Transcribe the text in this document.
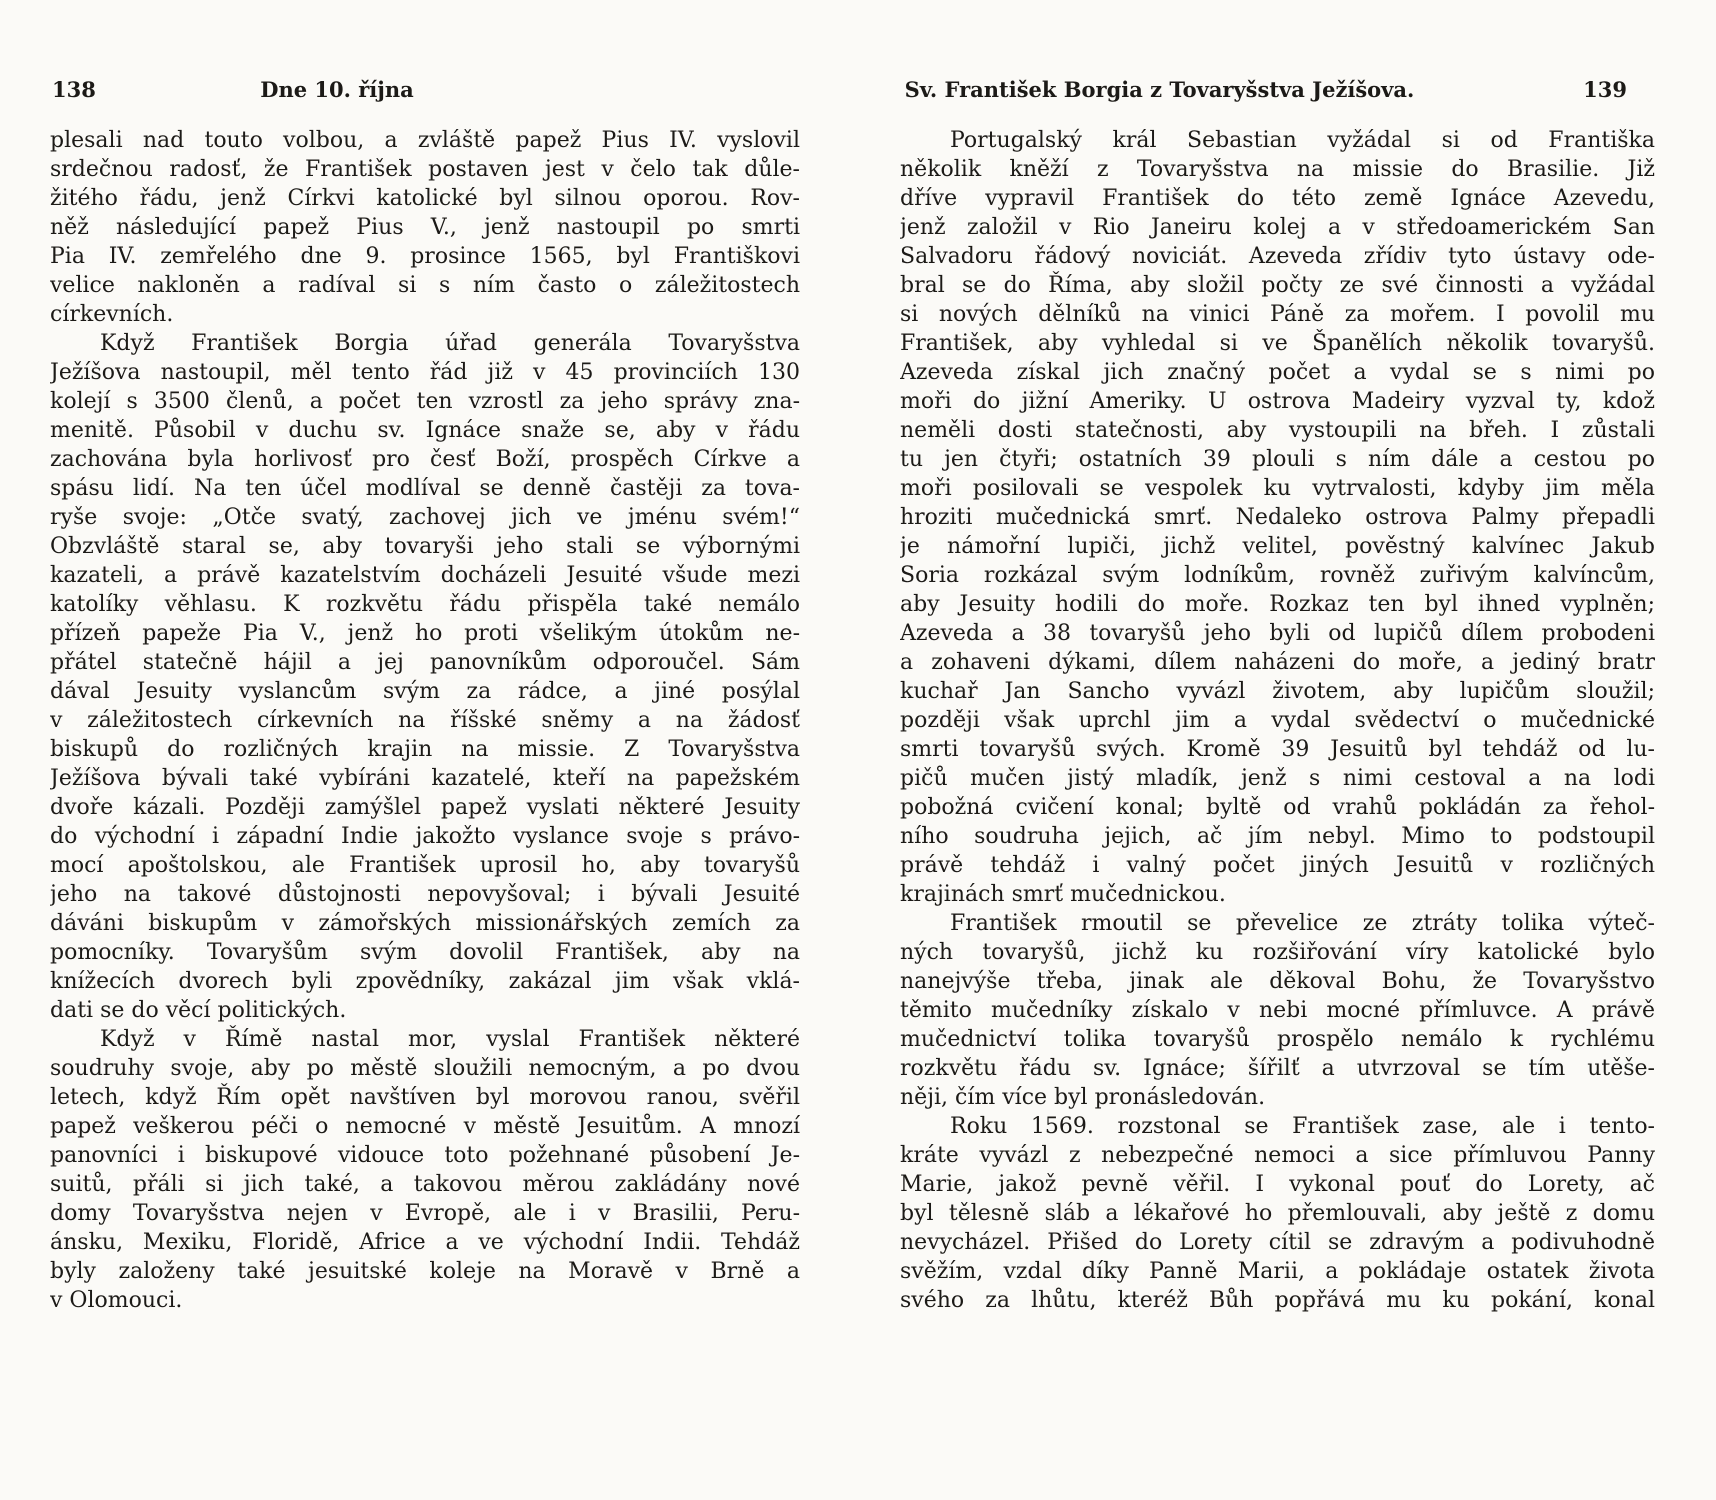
138	Dne 10. října
plesali nad touto volbou, a zvláště papež Pius IV. vyslovil
srdečnou radosť, že František postaven jest v čelo tak důle-
žitého řádu, jenž Církvi katolické byl silnou oporou. Rov-
něž následující papež Pius V., jenž nastoupil po smrti
Pia IV. zemřelého dne 9. prosince 1565, byl Františkovi
velice nakloněn a radíval si s ním často o záležitostech
církevních.
Když František Borgia úřad generála Tovaryšstva
Ježíšova nastoupil, měl tento řád již v 45 provinciích 130
kolejí s 3500 členů, a počet ten vzrostl za jeho správy zna-
menitě. Působil v duchu sv. Ignáce snaže se, aby v řádu
zachována byla horlivosť pro česť Boží, prospěch Církve a
spásu lidí. Na ten účel modlíval se denně častěji za tova-
ryše svoje: „Otče svatý, zachovej jich ve jménu svém!“
Obzvláště staral se, aby tovaryši jeho stali se výbornými
kazateli, a právě kazatelstvím docházeli Jesuité všude mezi
katolíky věhlasu. K rozkvětu řádu přispěla také nemálo
přízeň papeže Pia V., jenž ho proti všelikým útokům ne-
přátel statečně hájil a jej panovníkům odporoučel. Sám
dával Jesuity vyslancům svým za rádce, a jiné posýlal
v záležitostech církevních na říšské sněmy a na žádosť
biskupů do rozličných krajin na missie. Z Tovaryšstva
Ježíšova bývali také vybíráni kazatelé, kteří na papežském
dvoře kázali. Později zamýšlel papež vyslati některé Jesuity
do východní i západní Indie jakožto vyslance svoje s právo-
mocí apoštolskou, ale František uprosil ho, aby tovaryšů
jeho na takové důstojnosti nepovyšoval; i bývali Jesuité
dáváni biskupům v zámořských missionářských zemích za
pomocníky. Tovaryšům svým dovolil František, aby na
knížecích dvorech byli zpovědníky, zakázal jim však vklá-
dati se do věcí politických.
Když v Římě nastal mor, vyslal František některé
soudruhy svoje, aby po městě sloužili nemocným, a po dvou
letech, když Řím opět navštíven byl morovou ranou, svěřil
papež veškerou péči o nemocné v městě Jesuitům. A mnozí
panovníci i biskupové vidouce toto požehnané působení Je-
suitů, přáli si jich také, a takovou měrou zakládány nové
domy Tovaryšstva nejen v Evropě, ale i v Brasilii, Peru-
ánsku, Mexiku, Floridě, Africe a ve východní Indii. Tehdáž
byly založeny také jesuitské koleje na Moravě v Brně a
v Olomouci.
Sv. František Borgia z Tovaryšstva Ježíšova.	139
Portugalský král Sebastian vyžádal si od Františka
několik kněží z Tovaryšstva na missie do Brasilie. Již
dříve vypravil František do této země Ignáce Azevedu,
jenž založil v Rio Janeiru kolej a v středoamerickém San
Salvadoru řádový noviciát. Azeveda zřídiv tyto ústavy ode-
bral se do Říma, aby složil počty ze své činnosti a vyžádal
si nových dělníků na vinici Páně za mořem. I povolil mu
František, aby vyhledal si ve Španělích několik tovaryšů.
Azeveda získal jich značný počet a vydal se s nimi po
moři do jižní Ameriky. U ostrova Madeiry vyzval ty, kdož
neměli dosti statečnosti, aby vystoupili na břeh. I zůstali
tu jen čtyři; ostatních 39 plouli s ním dále a cestou po
moři posilovali se vespolek ku vytrvalosti, kdyby jim měla
hroziti mučednická smrť. Nedaleko ostrova Palmy přepadli
je námořní lupiči, jichž velitel, pověstný kalvínec Jakub
Soria rozkázal svým lodníkům, rovněž zuřivým kalvíncům,
aby Jesuity hodili do moře. Rozkaz ten byl ihned vyplněn;
Azeveda a 38 tovaryšů jeho byli od lupičů dílem probodeni
a zohaveni dýkami, dílem naházeni do moře, a jediný bratr
kuchař Jan Sancho vyvázl životem, aby lupičům sloužil;
později však uprchl jim a vydal svědectví o mučednické
smrti tovaryšů svých. Kromě 39 Jesuitů byl tehdáž od lu-
pičů mučen jistý mladík, jenž s nimi cestoval a na lodi
pobožná cvičení konal; byltě od vrahů pokládán za řehol-
ního soudruha jejich, ač jím nebyl. Mimo to podstoupil
právě tehdáž i valný počet jiných Jesuitů v rozličných
krajinách smrť mučednickou.
František rmoutil se převelice ze ztráty tolika výteč-
ných tovaryšů, jichž ku rozšiřování víry katolické bylo
nanejvýše třeba, jinak ale děkoval Bohu, že Tovaryšstvo
těmito mučedníky získalo v nebi mocné přímluvce. A právě
mučednictví tolika tovaryšů prospělo nemálo k rychlému
rozkvětu řádu sv. Ignáce; šířilť a utvrzoval se tím utěše-
něji, čím více byl pronásledován.
Roku 1569. rozstonal se František zase, ale i tento-
kráte vyvázl z nebezpečné nemoci a sice přímluvou Panny
Marie, jakož pevně věřil. I vykonal pouť do Lorety, ač
byl tělesně sláb a lékařové ho přemlouvali, aby ještě z domu
nevycházel. Přišed do Lorety cítil se zdravým a podivuhodně
svěžím, vzdal díky Panně Marii, a pokládaje ostatek života
svého za lhůtu, kteréž Bůh popřává mu ku pokání, konal
